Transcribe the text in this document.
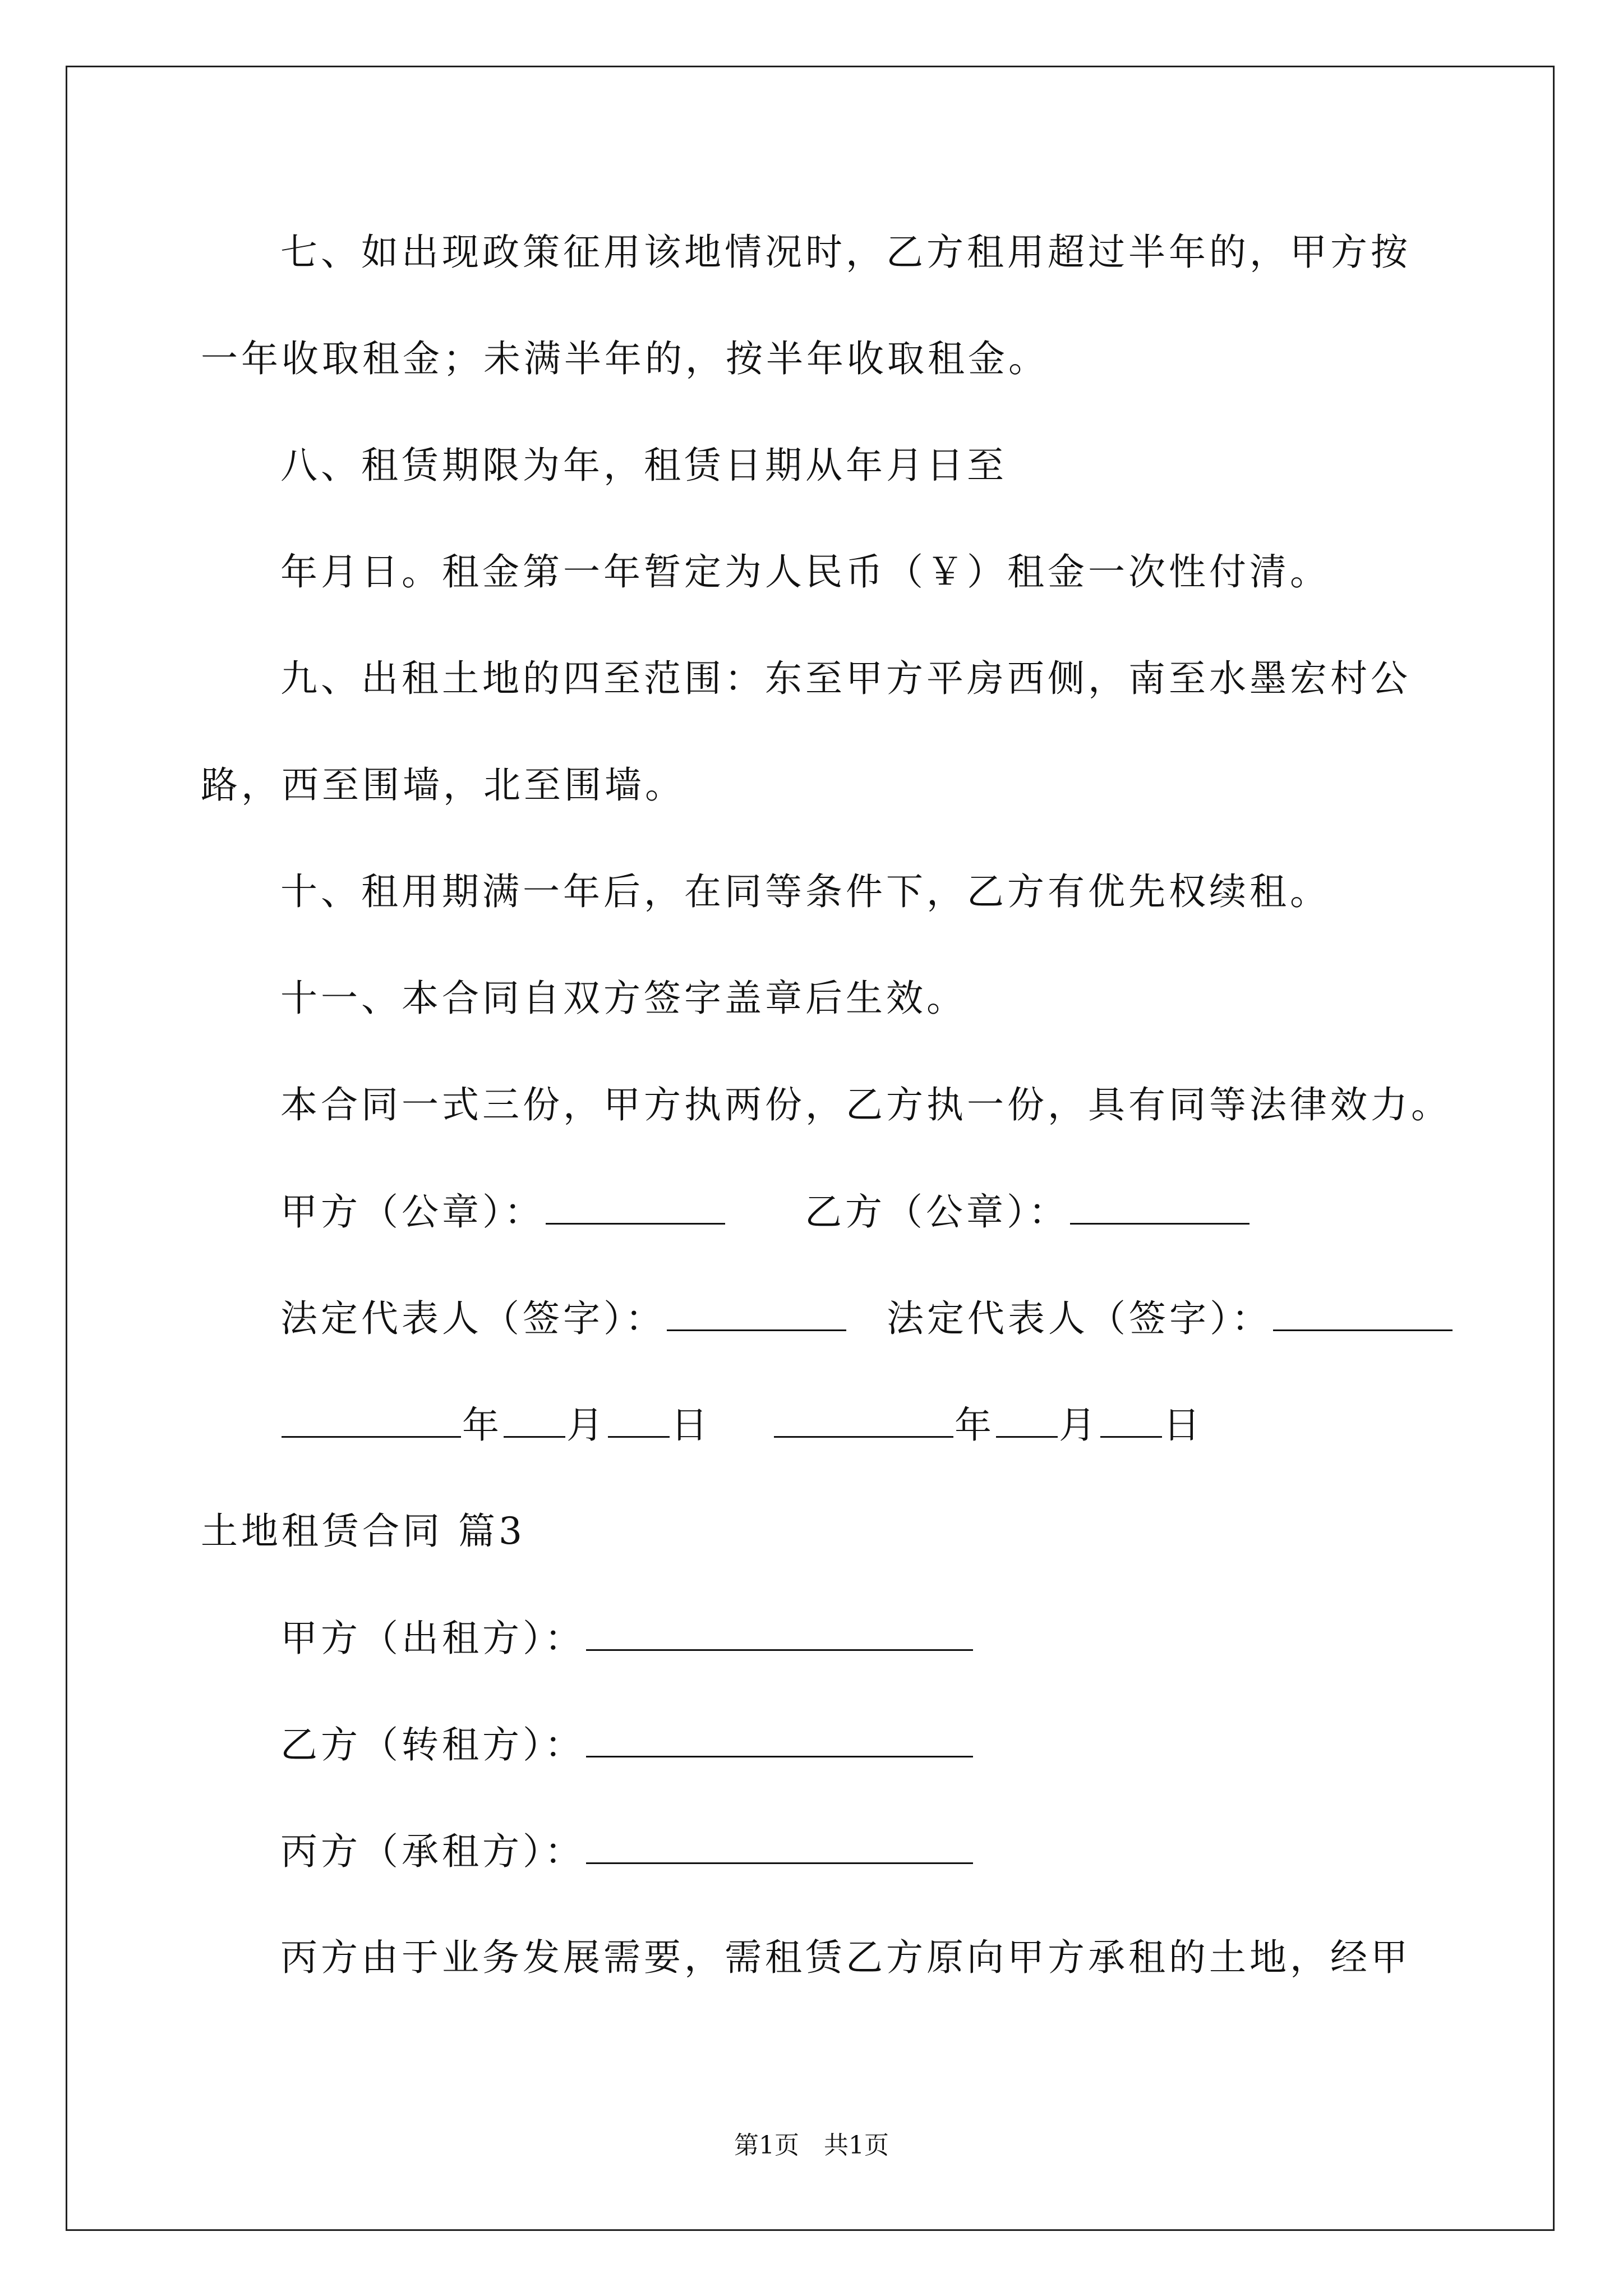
七、如出现政策征用该地情况时，乙方租用超过半年的，甲方按
一年收取租金；未满半年的，按半年收取租金。
八、租赁期限为年，租赁日期从年月日至
年月日。租金第一年暂定为人民币（￥）租金一次性付清。
九、出租土地的四至范围：东至甲方平房西侧，南至水墨宏村公
路，西至围墙，北至围墙。
十、租用期满一年后，在同等条件下，乙方有优先权续租。
十一、本合同自双方签字盖章后生效。
本合同一式三份，甲方执两份，乙方执一份，具有同等法律效力。
甲方（公章）：	乙方（公章）：
法定代表人（签字）：	法定代表人（签字）：
年 月 日	年 月 日
土地租赁合同 篇3
甲方（出租方）：
乙方（转租方）：
丙方（承租方）：
丙方由于业务发展需要，需租赁乙方原向甲方承租的土地，经甲
第1页　共1页
